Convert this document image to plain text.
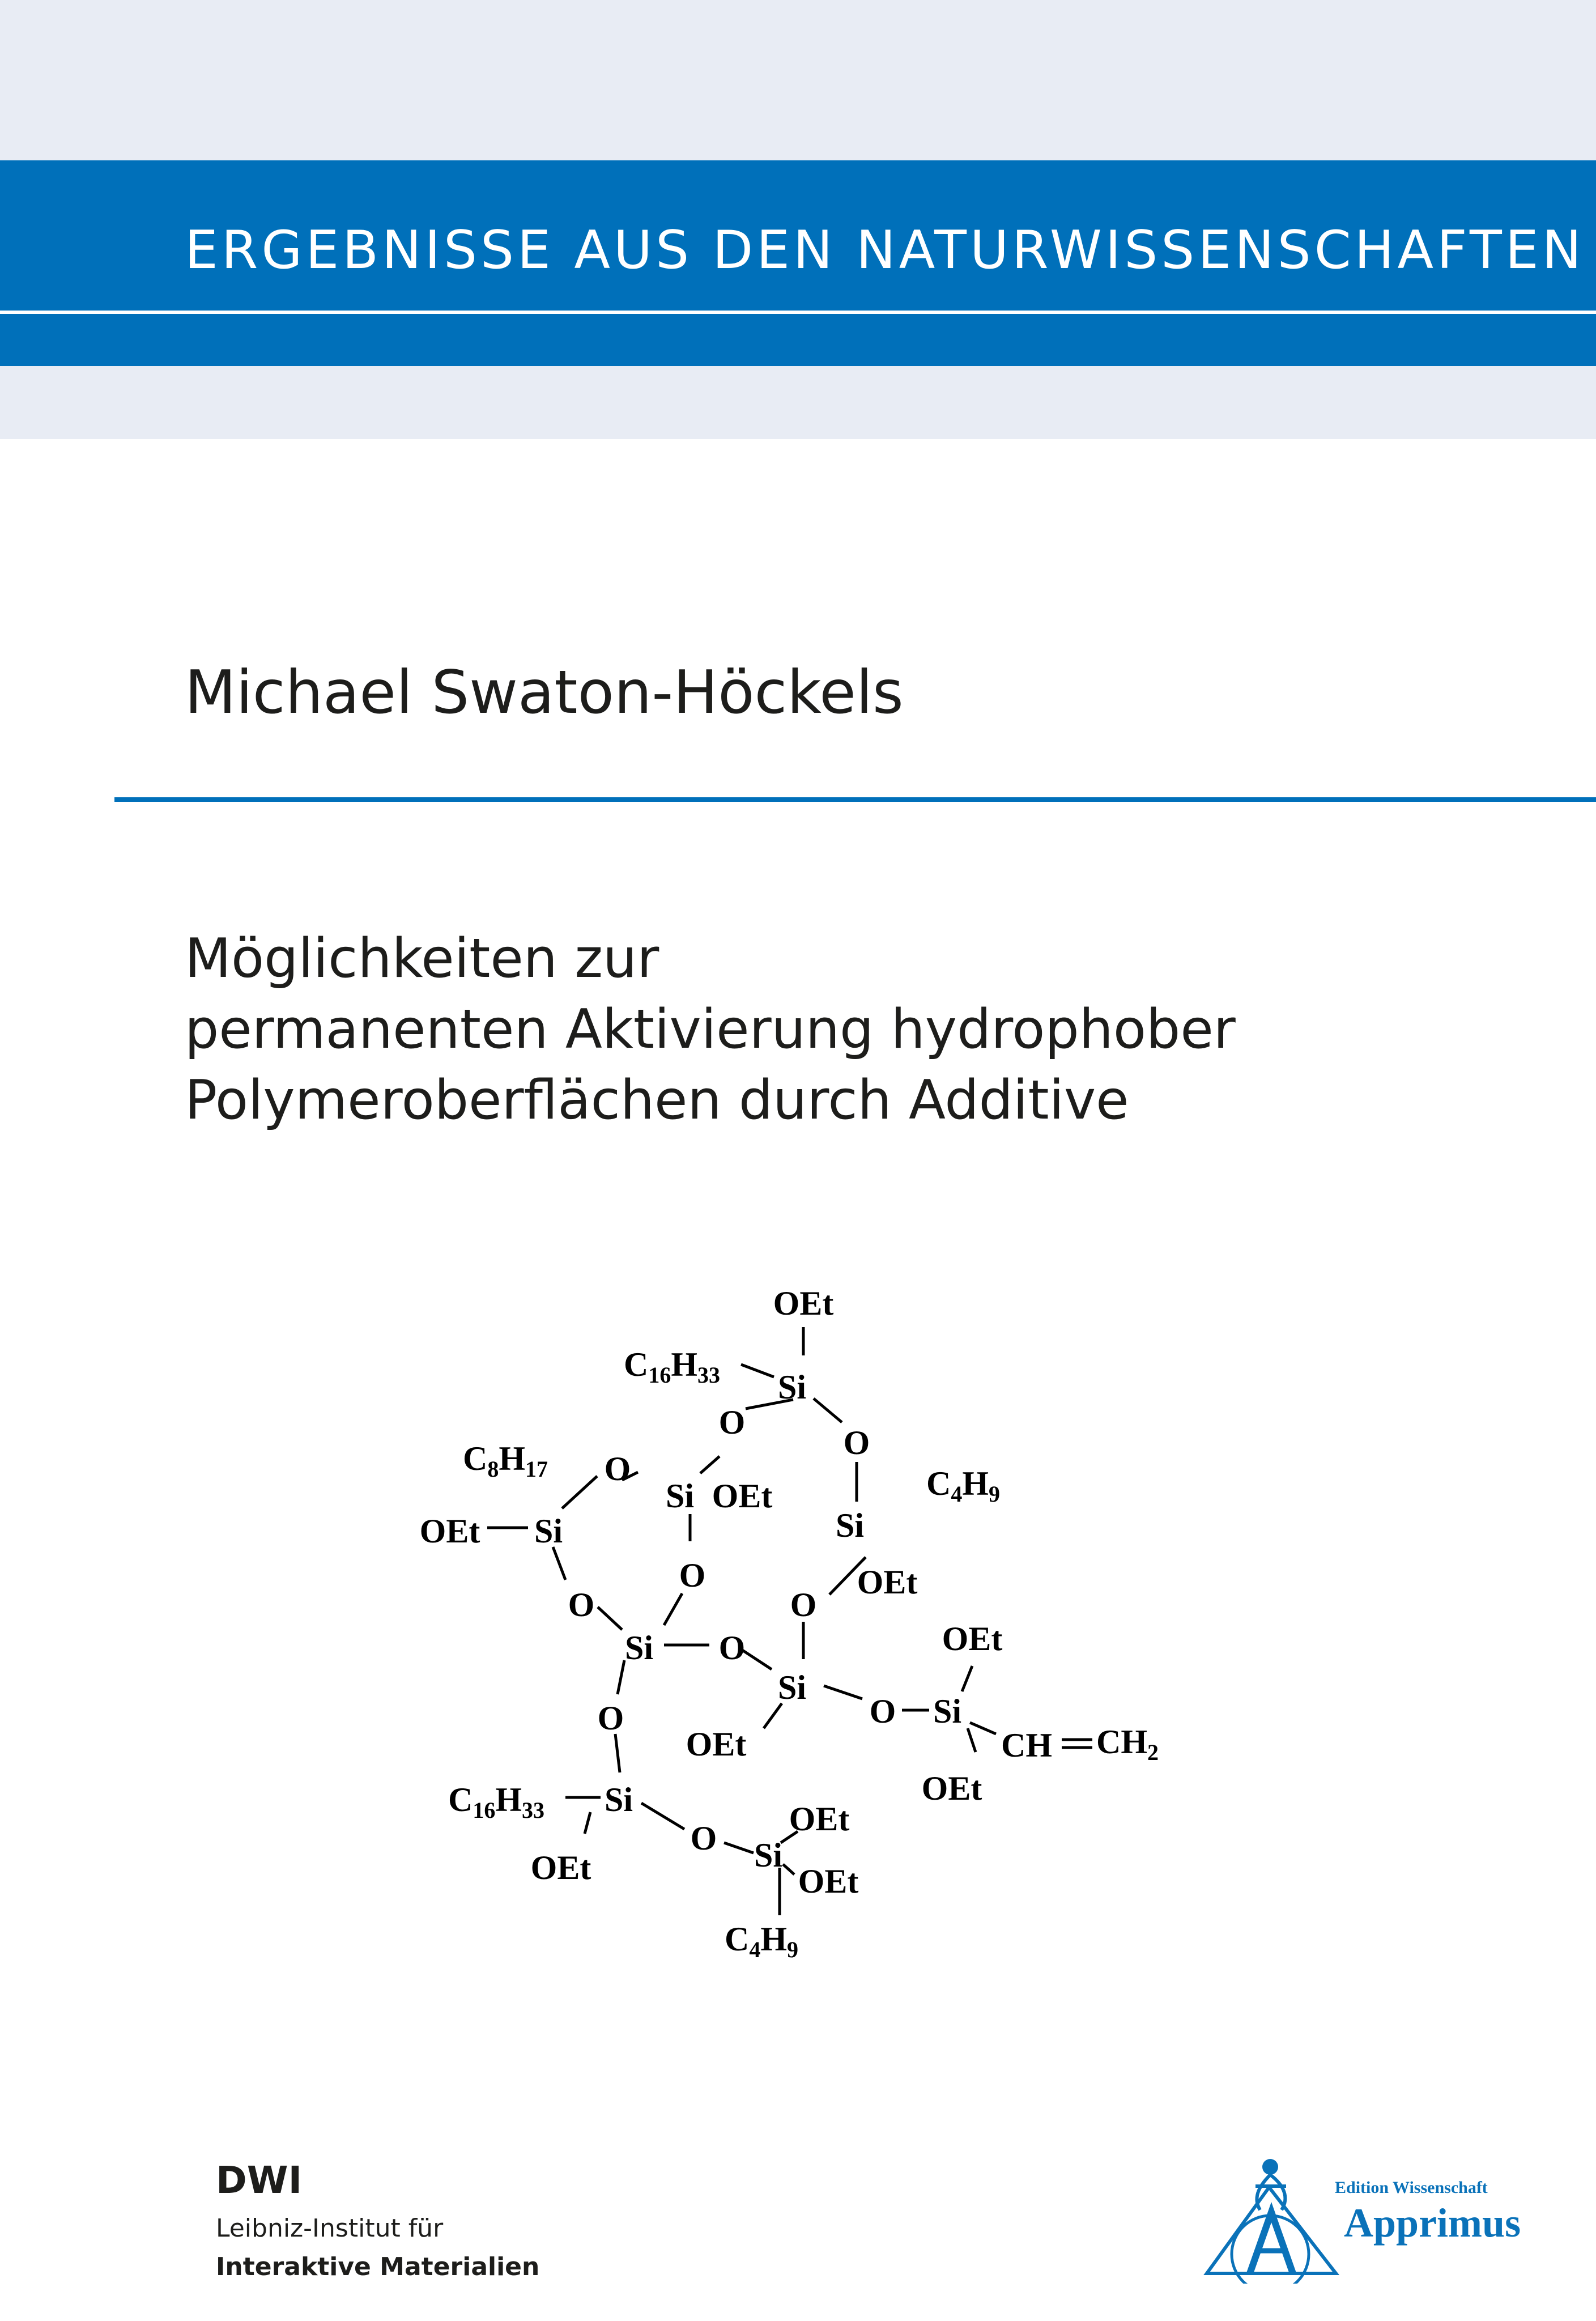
ERGEBNISSE AUS DEN NATURWISSENSCHAFTEN
Michael Swaton-Höckels
Möglichkeiten zur
permanenten Aktivierung hydrophober
Polymeroberflächen durch Additive
OEt
$C_{16}H_{33}$ Si
O
O
$C_8H_{17}$ O
Si OEt	$C_4H_9$
OEt Si	Si
O	OEt
O	O
OEt
Si O
Si
O Si
O
OEt	CH $CH_2$
OEt
$C_{16}H_{33}$ Si
OEt
O Si
OEt	OEt
$C_4H_9$
DWI
Leibniz-Institut für
Interaktive Materialien
Edition Wissenschaft
Apprimus
